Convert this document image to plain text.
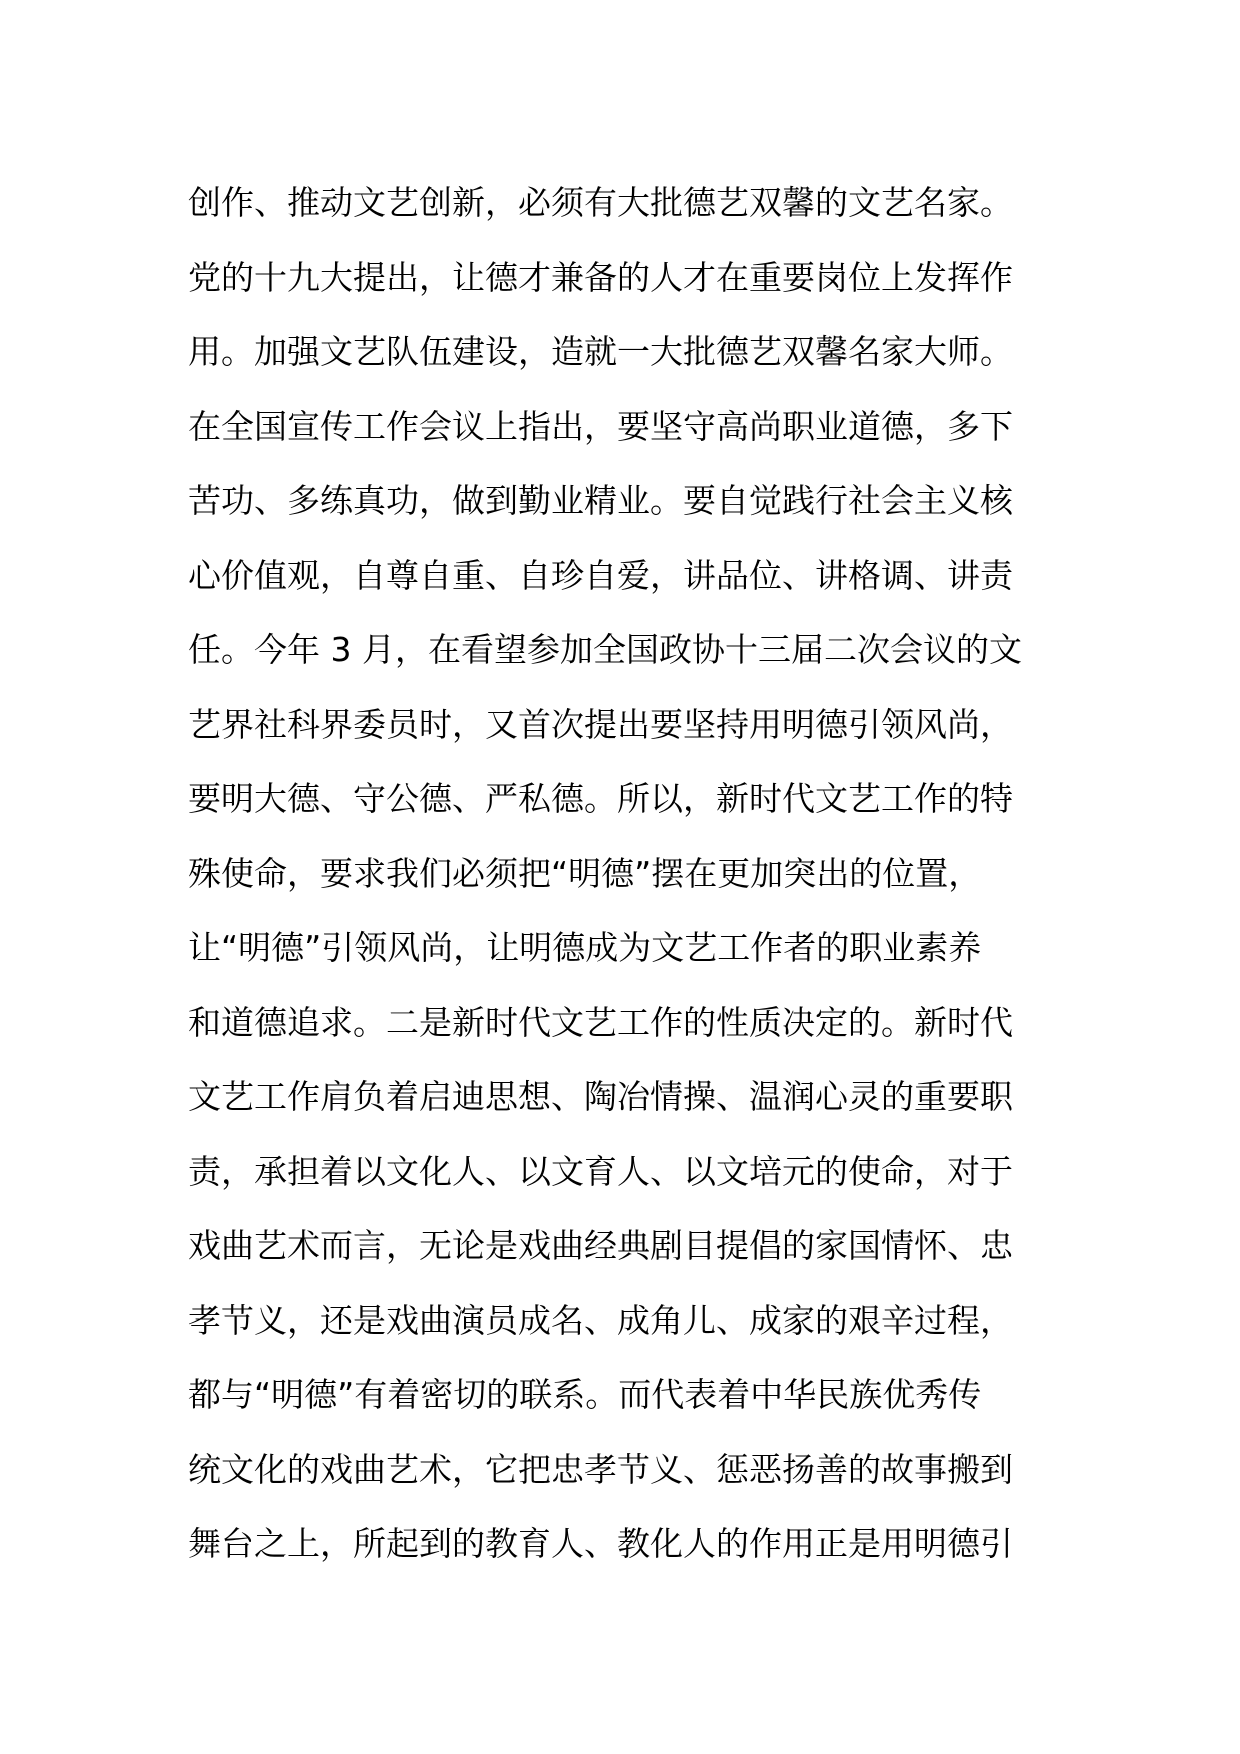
创作、推动文艺创新，必须有大批德艺双馨的文艺名家。
党的十九大提出，让德才兼备的人才在重要岗位上发挥作
用。加强文艺队伍建设，造就一大批德艺双馨名家大师。
在全国宣传工作会议上指出，要坚守高尚职业道德，多下
苦功、多练真功，做到勤业精业。要自觉践行社会主义核
心价值观，自尊自重、自珍自爱，讲品位、讲格调、讲责
任。今年 3 月，在看望参加全国政协十三届二次会议的文
艺界社科界委员时，又首次提出要坚持用明德引领风尚，
要明大德、守公德、严私德。所以，新时代文艺工作的特
殊使命，要求我们必须把“明德”摆在更加突出的位置，
让“明德”引领风尚，让明德成为文艺工作者的职业素养
和道德追求。二是新时代文艺工作的性质决定的。新时代
文艺工作肩负着启迪思想、陶冶情操、温润心灵的重要职
责，承担着以文化人、以文育人、以文培元的使命，对于
戏曲艺术而言，无论是戏曲经典剧目提倡的家国情怀、忠
孝节义，还是戏曲演员成名、成角儿、成家的艰辛过程，
都与“明德”有着密切的联系。而代表着中华民族优秀传
统文化的戏曲艺术，它把忠孝节义、惩恶扬善的故事搬到
舞台之上，所起到的教育人、教化人的作用正是用明德引
